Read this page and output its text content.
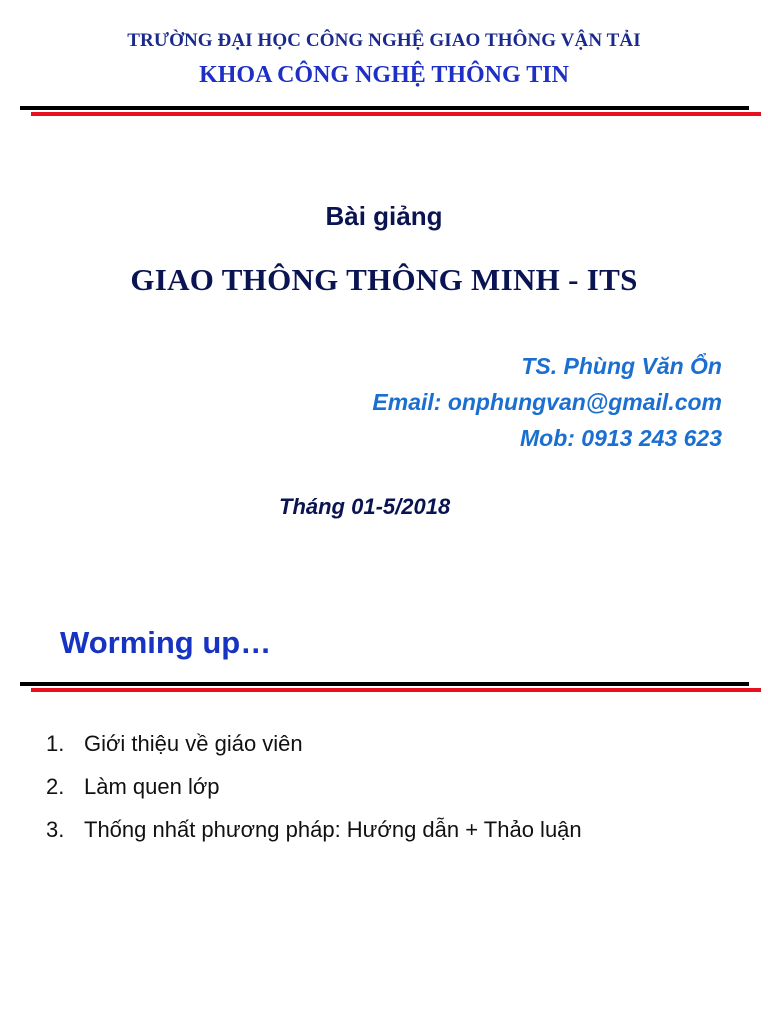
TRƯỜNG ĐẠI HỌC CÔNG NGHỆ GIAO THÔNG VẬN TẢI
KHOA CÔNG NGHỆ THÔNG TIN
Bài giảng
GIAO THÔNG THÔNG MINH - ITS
TS. Phùng Văn Ổn
Email: onphungvan@gmail.com
Mob: 0913 243 623
Tháng 01-5/2018
Worming up…
1. Giới thiệu về giáo viên
2. Làm quen lớp
3. Thống nhất phương pháp: Hướng dẫn + Thảo luận
